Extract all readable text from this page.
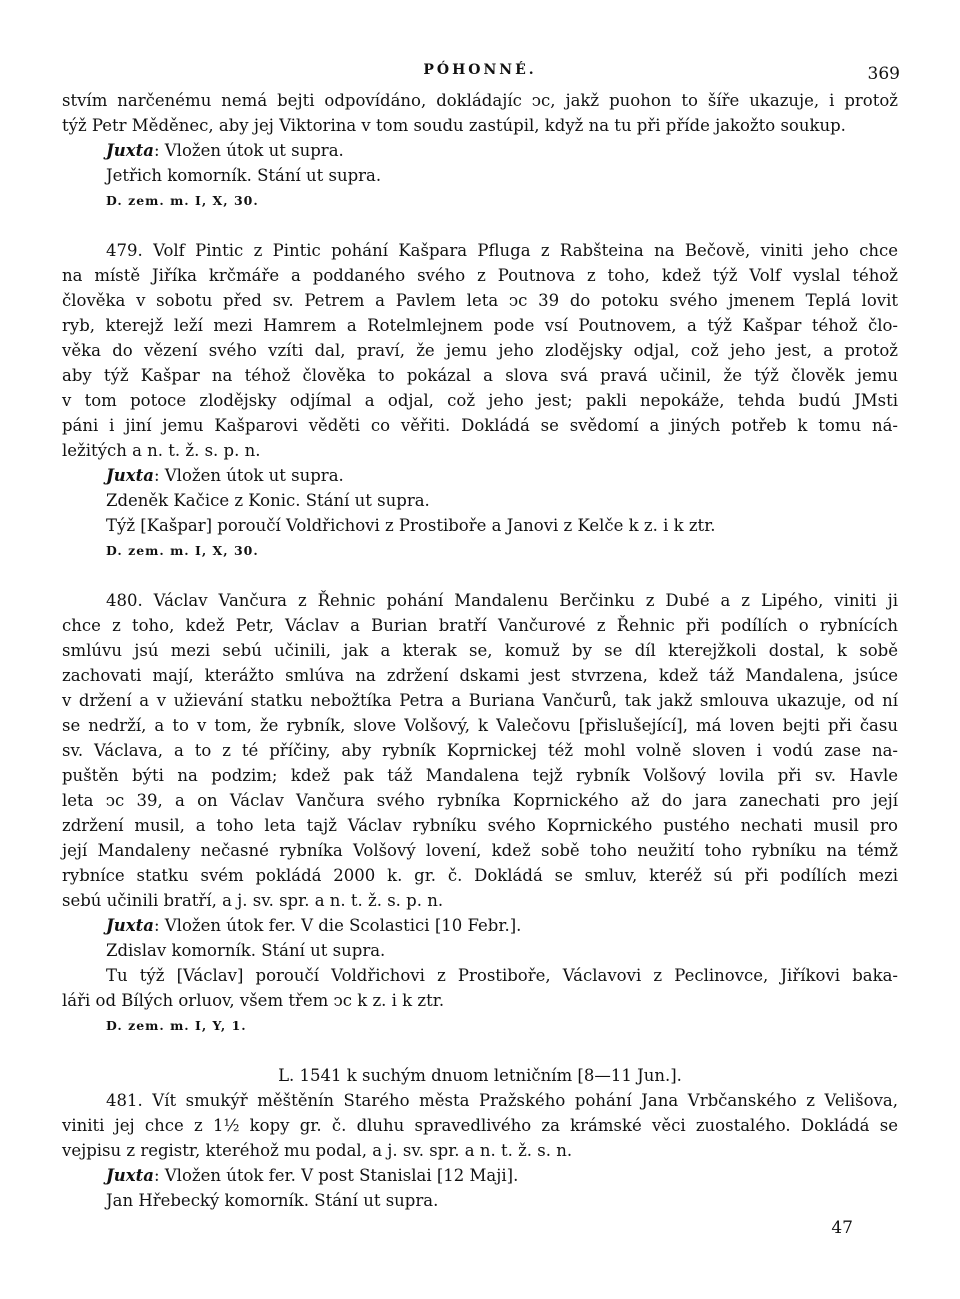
PÓHONNÉ.	369
stvím narčenému nemá bejti odpovídáno, dokládajíc ͻc, jakž puohon to šíře ukazuje, i protož
týž Petr Měděnec, aby jej Viktorina v tom soudu zastúpil, když na tu při příde jakožto soukup.
Juxta: Vložen útok ut supra.
Jetřich komorník. Stání ut supra.
D. zem. m. I, X, 30.
479. Volf Pintic z Pintic pohání Kašpara Pfluga z Rabšteina na Bečově, viniti jeho chce
na místě Jiříka krčmáře a poddaného svého z Poutnova z toho, kdež týž Volf vyslal téhož
člověka v sobotu před sv. Petrem a Pavlem leta ͻc 39 do potoku svého jmenem Teplá lovit
ryb, kterejž leží mezi Hamrem a Rotelmlejnem pode vsí Poutnovem, a týž Kašpar téhož člo-
věka do vězení svého vzíti dal, praví, že jemu jeho zlodějsky odjal, což jeho jest, a protož
aby týž Kašpar na téhož člověka to pokázal a slova svá pravá učinil, že týž člověk jemu
v tom potoce zlodějsky odjímal a odjal, což jeho jest; pakli nepokáže, tehda budú JMsti
páni i jiní jemu Kašparovi věděti co věřiti. Dokládá se svědomí a jiných potřeb k tomu ná-
ležitých a n. t. ž. s. p. n.
Juxta: Vložen útok ut supra.
Zdeněk Kačice z Konic. Stání ut supra.
Týž [Kašpar] poroučí Voldřichovi z Prostiboře a Janovi z Kelče k z. i k ztr.
D. zem. m. I, X, 30.
480. Václav Vančura z Řehnic pohání Mandalenu Berčinku z Dubé a z Lipého, viniti ji
chce z toho, kdež Petr, Václav a Burian bratří Vančurové z Řehnic při podílích o rybnících
smlúvu jsú mezi sebú učinili, jak a kterak se, komuž by se díl kterejžkoli dostal, k sobě
zachovati mají, kterážto smlúva na zdržení dskami jest stvrzena, kdež táž Mandalena, jsúce
v držení a v užievání statku nebožtíka Petra a Buriana Vančurů, tak jakž smlouva ukazuje, od ní
se nedrží, a to v tom, že rybník, slove Volšový, k Valečovu [přislušející], má loven bejti při času
sv. Václava, a to z té příčiny, aby rybník Koprnickej též mohl volně sloven i vodú zase na-
puštěn býti na podzim; kdež pak táž Mandalena tejž rybník Volšový lovila při sv. Havle
leta ͻc 39, a on Václav Vančura svého rybníka Koprnického až do jara zanechati pro její
zdržení musil, a toho leta tajž Václav rybníku svého Koprnického pustého nechati musil pro
její Mandaleny nečasné rybníka Volšový lovení, kdež sobě toho neužití toho rybníku na témž
rybníce statku svém pokládá 2000 k. gr. č. Dokládá se smluv, kteréž sú při podílích mezi
sebú učinili bratří, a j. sv. spr. a n. t. ž. s. p. n.
Juxta: Vložen útok fer. V die Scolastici [10 Febr.].
Zdislav komorník. Stání ut supra.
Tu týž [Václav] poroučí Voldřichovi z Prostiboře, Václavovi z Peclinovce, Jiříkovi baka-
láři od Bílých orluov, všem třem ͻc k z. i k ztr.
D. zem. m. I, Y, 1.
L. 1541 k suchým dnuom letničním [8—11 Jun.].
481. Vít smukýř měštěnín Starého města Pražského pohání Jana Vrbčanského z Velišova,
viniti jej chce z 1½ kopy gr. č. dluhu spravedlivého za krámské věci zuostalého. Dokládá se
vejpisu z registr, kteréhož mu podal, a j. sv. spr. a n. t. ž. s. n.
Juxta: Vložen útok fer. V post Stanislai [12 Maji].
Jan Hřebecký komorník. Stání ut supra.
47
